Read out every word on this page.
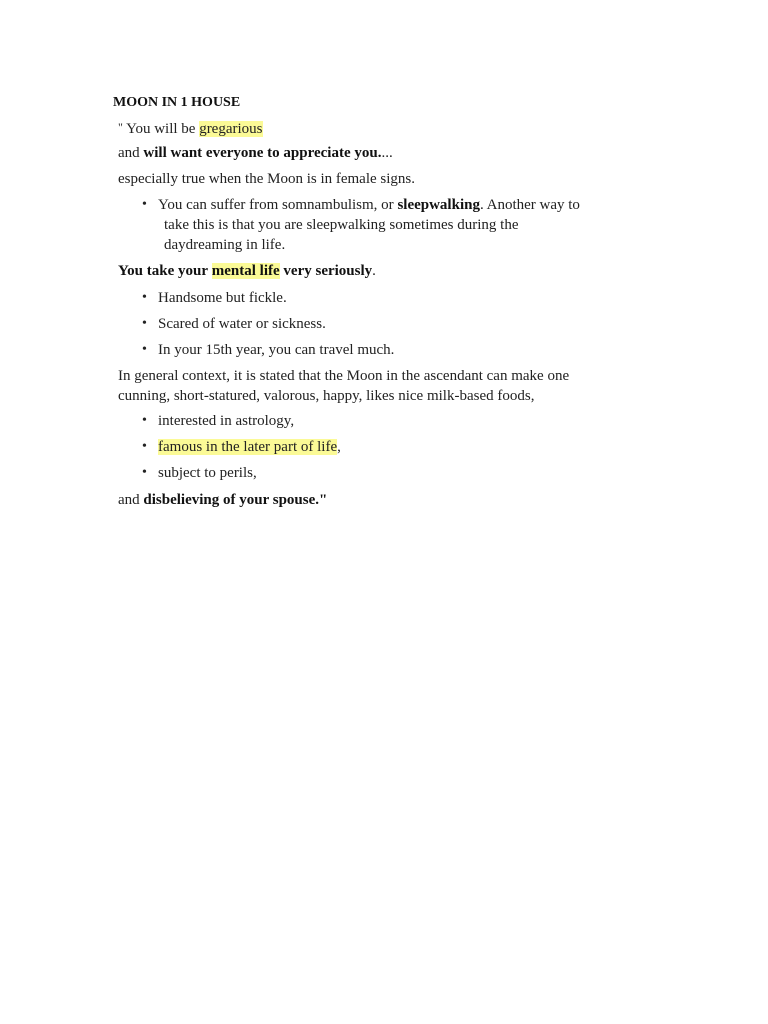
MOON IN 1 HOUSE
" You will be gregarious
and will want everyone to appreciate you....
especially true when the Moon is in female signs.
• You can suffer from somnambulism, or sleepwalking. Another way to
take this is that you are sleepwalking sometimes during the
daydreaming in life.
You take your mental life very seriously.
• Handsome but fickle.
• Scared of water or sickness.
• In your 15th year, you can travel much.
In general context, it is stated that the Moon in the ascendant can make one
cunning, short-statured, valorous, happy, likes nice milk-based foods,
• interested in astrology,
• famous in the later part of life,
• subject to perils,
and disbelieving of your spouse."
